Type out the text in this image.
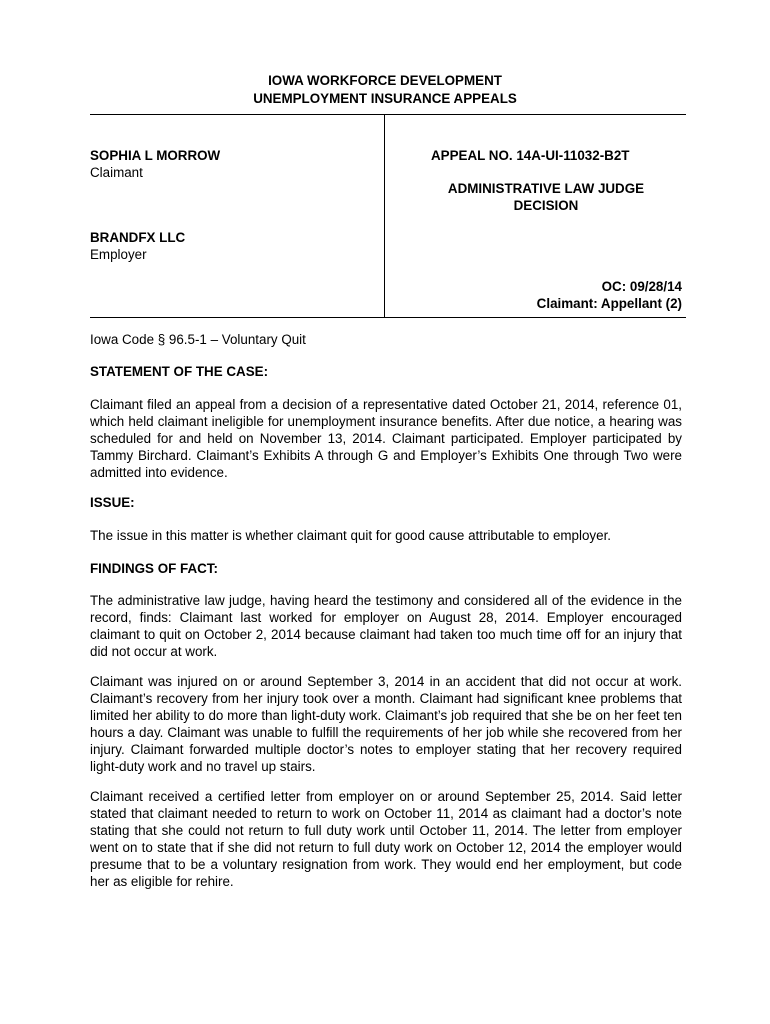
IOWA WORKFORCE DEVELOPMENT
UNEMPLOYMENT INSURANCE APPEALS
SOPHIA L MORROW
Claimant
BRANDFX LLC
Employer
APPEAL NO. 14A-UI-11032-B2T
ADMINISTRATIVE LAW JUDGE
DECISION
OC: 09/28/14
Claimant: Appellant (2)
Iowa Code § 96.5-1 – Voluntary Quit
STATEMENT OF THE CASE:
Claimant filed an appeal from a decision of a representative dated October 21, 2014, reference 01, which held claimant ineligible for unemployment insurance benefits. After due notice, a hearing was scheduled for and held on November 13, 2014. Claimant participated. Employer participated by Tammy Birchard. Claimant’s Exhibits A through G and Employer’s Exhibits One through Two were admitted into evidence.
ISSUE:
The issue in this matter is whether claimant quit for good cause attributable to employer.
FINDINGS OF FACT:
The administrative law judge, having heard the testimony and considered all of the evidence in the record, finds: Claimant last worked for employer on August 28, 2014. Employer encouraged claimant to quit on October 2, 2014 because claimant had taken too much time off for an injury that did not occur at work.
Claimant was injured on or around September 3, 2014 in an accident that did not occur at work. Claimant’s recovery from her injury took over a month. Claimant had significant knee problems that limited her ability to do more than light-duty work. Claimant’s job required that she be on her feet ten hours a day. Claimant was unable to fulfill the requirements of her job while she recovered from her injury. Claimant forwarded multiple doctor’s notes to employer stating that her recovery required light-duty work and no travel up stairs.
Claimant received a certified letter from employer on or around September 25, 2014. Said letter stated that claimant needed to return to work on October 11, 2014 as claimant had a doctor’s note stating that she could not return to full duty work until October 11, 2014. The letter from employer went on to state that if she did not return to full duty work on October 12, 2014 the employer would presume that to be a voluntary resignation from work. They would end her employment, but code her as eligible for rehire.
